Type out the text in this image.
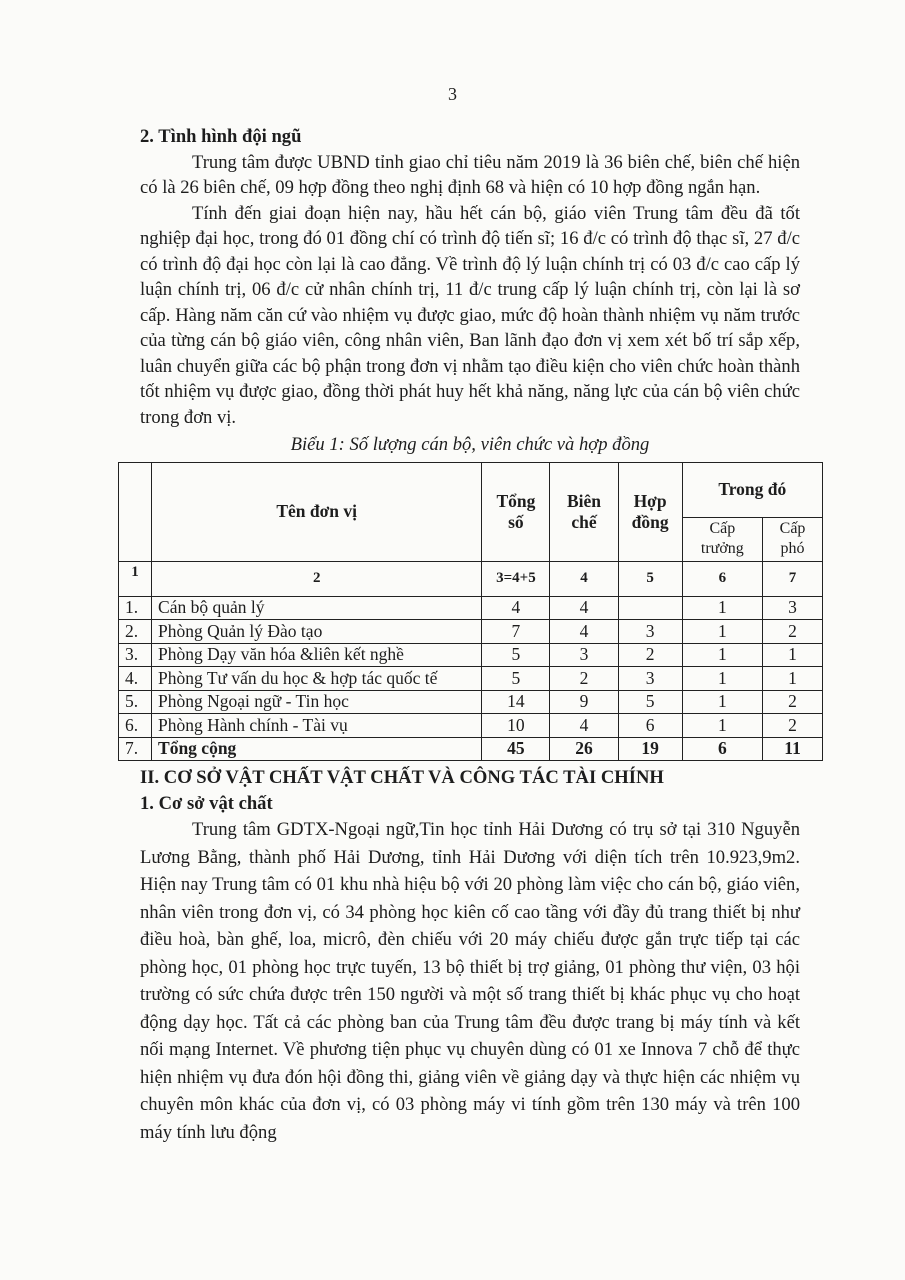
3

2. Tình hình đội ngũ

Trung tâm được UBND tỉnh giao chỉ tiêu năm 2019 là 36 biên chế, biên chế hiện có là 26 biên chế, 09 hợp đồng theo nghị định 68 và hiện có 10 hợp đồng ngắn hạn.

Tính đến giai đoạn hiện nay, hầu hết cán bộ, giáo viên Trung tâm đều đã tốt nghiệp đại học, trong đó 01 đồng chí có trình độ tiến sĩ; 16 đ/c có trình độ thạc sĩ, 27 đ/c có trình độ đại học còn lại là cao đẳng. Về trình độ lý luận chính trị có 03 đ/c cao cấp lý luận chính trị, 06 đ/c cử nhân chính trị, 11 đ/c trung cấp lý luận chính trị, còn lại là sơ cấp. Hàng năm căn cứ vào nhiệm vụ được giao, mức độ hoàn thành nhiệm vụ năm trước của từng cán bộ giáo viên, công nhân viên, Ban lãnh đạo đơn vị xem xét bố trí sắp xếp, luân chuyển giữa các bộ phận trong đơn vị nhằm tạo điều kiện cho viên chức hoàn thành tốt nhiệm vụ được giao, đồng thời phát huy hết khả năng, năng lực của cán bộ viên chức trong đơn vị.

Biểu 1: Số lượng cán bộ, viên chức và hợp đồng
	Tên đơn vị	Tổng số	Biên chế	Hợp đồng	Trong đó	
					Cấp trưởng	Cấp phó
1	2	3=4+5	4	5	6	7
1.	Cán bộ quản lý	4	4		1	3
2.	Phòng Quản lý Đào tạo	7	4	3	1	2
3.	Phòng Dạy văn hóa &liên kết nghề	5	3	2	1	1
4.	Phòng Tư vấn du học & hợp tác quốc tế	5	2	3	1	1
5.	Phòng Ngoại ngữ - Tin học	14	9	5	1	2
6.	Phòng Hành chính - Tài vụ	10	4	6	1	2
7.	Tổng cộng	45	26	19	6	11

II. CƠ SỞ VẬT CHẤT VẬT CHẤT VÀ CÔNG TÁC TÀI CHÍNH

1. Cơ sở vật chất

Trung tâm GDTX-Ngoại ngữ,Tin học tỉnh Hải Dương có trụ sở tại 310 Nguyễn Lương Bằng, thành phố Hải Dương, tỉnh Hải Dương với diện tích trên 10.923,9m2. Hiện nay Trung tâm có 01 khu nhà hiệu bộ với 20 phòng làm việc cho cán bộ, giáo viên, nhân viên trong đơn vị, có 34 phòng học kiên cố cao tầng với đầy đủ trang thiết bị như điều hoà, bàn ghế, loa, micrô, đèn chiếu với 20 máy chiếu được gắn trực tiếp tại các phòng học, 01 phòng học trực tuyến, 13 bộ thiết bị trợ giảng, 01 phòng thư viện, 03 hội trường có sức chứa được trên 150 người và một số trang thiết bị khác phục vụ cho hoạt động dạy học. Tất cả các phòng ban của Trung tâm đều được trang bị máy tính và kết nối mạng Internet. Về phương tiện phục vụ chuyên dùng có 01 xe Innova 7 chỗ để thực hiện nhiệm vụ đưa đón hội đồng thi, giảng viên về giảng dạy và thực hiện các nhiệm vụ chuyên môn khác của đơn vị, có 03 phòng máy vi tính gồm trên 130 máy và trên 100 máy tính lưu động
